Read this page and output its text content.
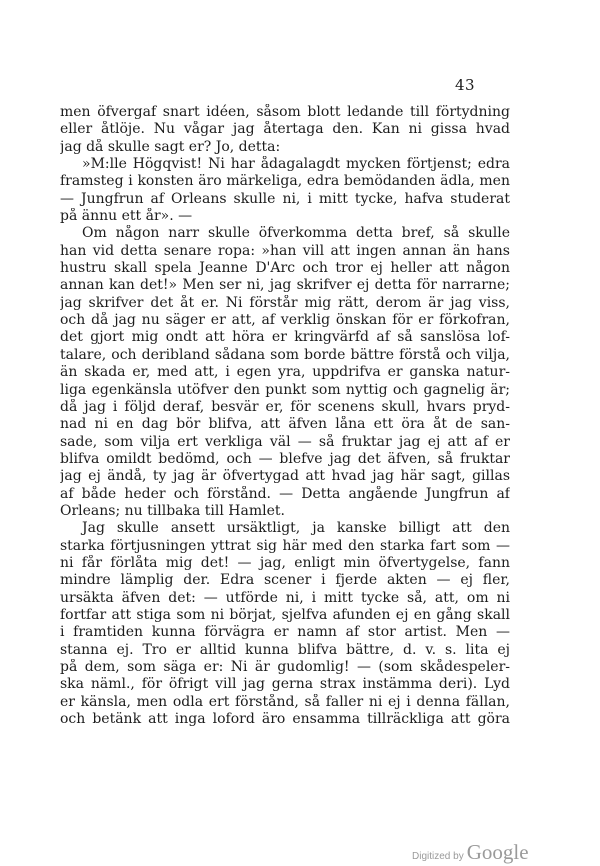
43
men öfvergaf snart idéen, såsom blott ledande till förtydning
eller åtlöje. Nu vågar jag återtaga den. Kan ni gissa hvad
jag då skulle sagt er? Jo, detta:
»M:lle Högqvist! Ni har ådagalagdt mycken förtjenst; edra
framsteg i konsten äro märkeliga, edra bemödanden ädla, men
— Jungfrun af Orleans skulle ni, i mitt tycke, hafva studerat
på ännu ett år». —
Om någon narr skulle öfverkomma detta bref, så skulle
han vid detta senare ropa: »han vill att ingen annan än hans
hustru skall spela Jeanne D'Arc och tror ej heller att någon
annan kan det!» Men ser ni, jag skrifver ej detta för narrarne;
jag skrifver det åt er. Ni förstår mig rätt, derom är jag viss,
och då jag nu säger er att, af verklig önskan för er förkofran,
det gjort mig ondt att höra er kringvärfd af så sanslösa lof-
talare, och deribland sådana som borde bättre förstå och vilja,
än skada er, med att, i egen yra, uppdrifva er ganska natur-
liga egenkänsla utöfver den punkt som nyttig och gagnelig är;
då jag i följd deraf, besvär er, för scenens skull, hvars pryd-
nad ni en dag bör blifva, att äfven låna ett öra åt de san-
sade, som vilja ert verkliga väl — så fruktar jag ej att af er
blifva omildt bedömd, och — blefve jag det äfven, så fruktar
jag ej ändå, ty jag är öfvertygad att hvad jag här sagt, gillas
af både heder och förstånd. — Detta angående Jungfrun af
Orleans; nu tillbaka till Hamlet.
Jag skulle ansett ursäktligt, ja kanske billigt att den
starka förtjusningen yttrat sig här med den starka fart som —
ni får förlåta mig det! — jag, enligt min öfvertygelse, fann
mindre lämplig der. Edra scener i fjerde akten — ej fler,
ursäkta äfven det: — utförde ni, i mitt tycke så, att, om ni
fortfar att stiga som ni börjat, sjelfva afunden ej en gång skall
i framtiden kunna förvägra er namn af stor artist. Men —
stanna ej. Tro er alltid kunna blifva bättre, d. v. s. lita ej
på dem, som säga er: Ni är gudomlig! — (som skådespeler-
ska näml., för öfrigt vill jag gerna strax instämma deri). Lyd
er känsla, men odla ert förstånd, så faller ni ej i denna fällan,
och betänk att inga loford äro ensamma tillräckliga att göra
Digitized by Google
